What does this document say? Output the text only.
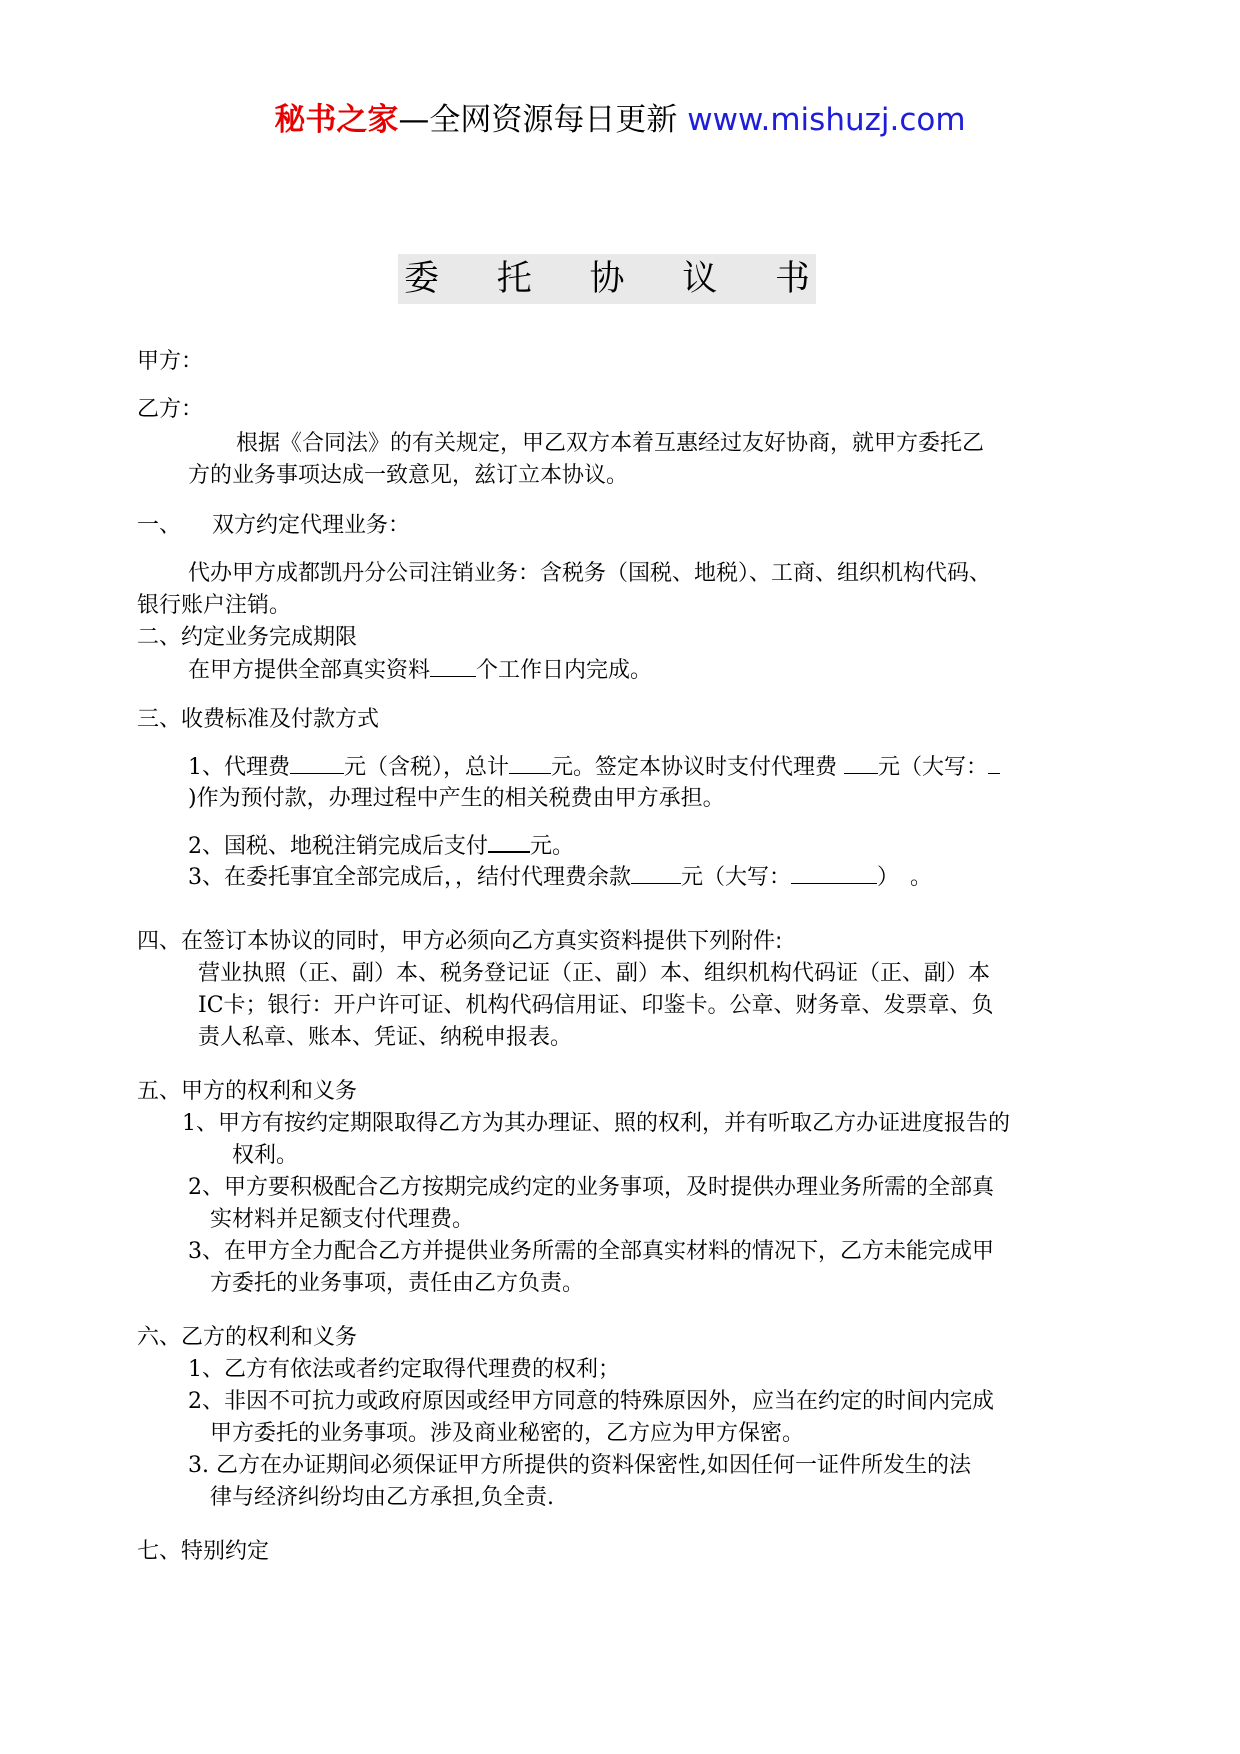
秘书之家—全网资源每日更新 www.mishuzj.com
委 托 协 议 书
甲方：
乙方：
根据《合同法》的有关规定，甲乙双方本着互惠经过友好协商，就甲方委托乙
方的业务事项达成一致意见，兹订立本协议。
一、 双方约定代理业务：
代办甲方成都凯丹分公司注销业务：含税务（国税、地税）、工商、组织机构代码、
银行账户注销。
二、约定业务完成期限
在甲方提供全部真实资料 个工作日内完成。
三、收费标准及付款方式
1、代理费 元（含税），总计 元。签定本协议时支付代理费 元（大写：
)作为预付款，办理过程中产生的相关税费由甲方承担。
2、国税、地税注销完成后支付 元。
3、在委托事宜全部完成后，，结付代理费余款 元（大写：	）　。
四、在签订本协议的同时，甲方必须向乙方真实资料提供下列附件:
营业执照（正、副）本、税务登记证（正、副）本、组织机构代码证（正、副）本
IC卡；银行：开户许可证、机构代码信用证、印鉴卡。公章、财务章、发票章、负
责人私章、账本、凭证、纳税申报表。
五、甲方的权利和义务
1、甲方有按约定期限取得乙方为其办理证、照的权利，并有听取乙方办证进度报告的
权利。
2、甲方要积极配合乙方按期完成约定的业务事项，及时提供办理业务所需的全部真
实材料并足额支付代理费。
3、在甲方全力配合乙方并提供业务所需的全部真实材料的情况下，乙方未能完成甲
方委托的业务事项，责任由乙方负责。
六、乙方的权利和义务
1、乙方有依法或者约定取得代理费的权利；
2、非因不可抗力或政府原因或经甲方同意的特殊原因外，应当在约定的时间内完成
甲方委托的业务事项。涉及商业秘密的，乙方应为甲方保密。
3. 乙方在办证期间必须保证甲方所提供的资料保密性,如因任何一证件所发生的法
律与经济纠纷均由乙方承担,负全责.
七、特别约定
